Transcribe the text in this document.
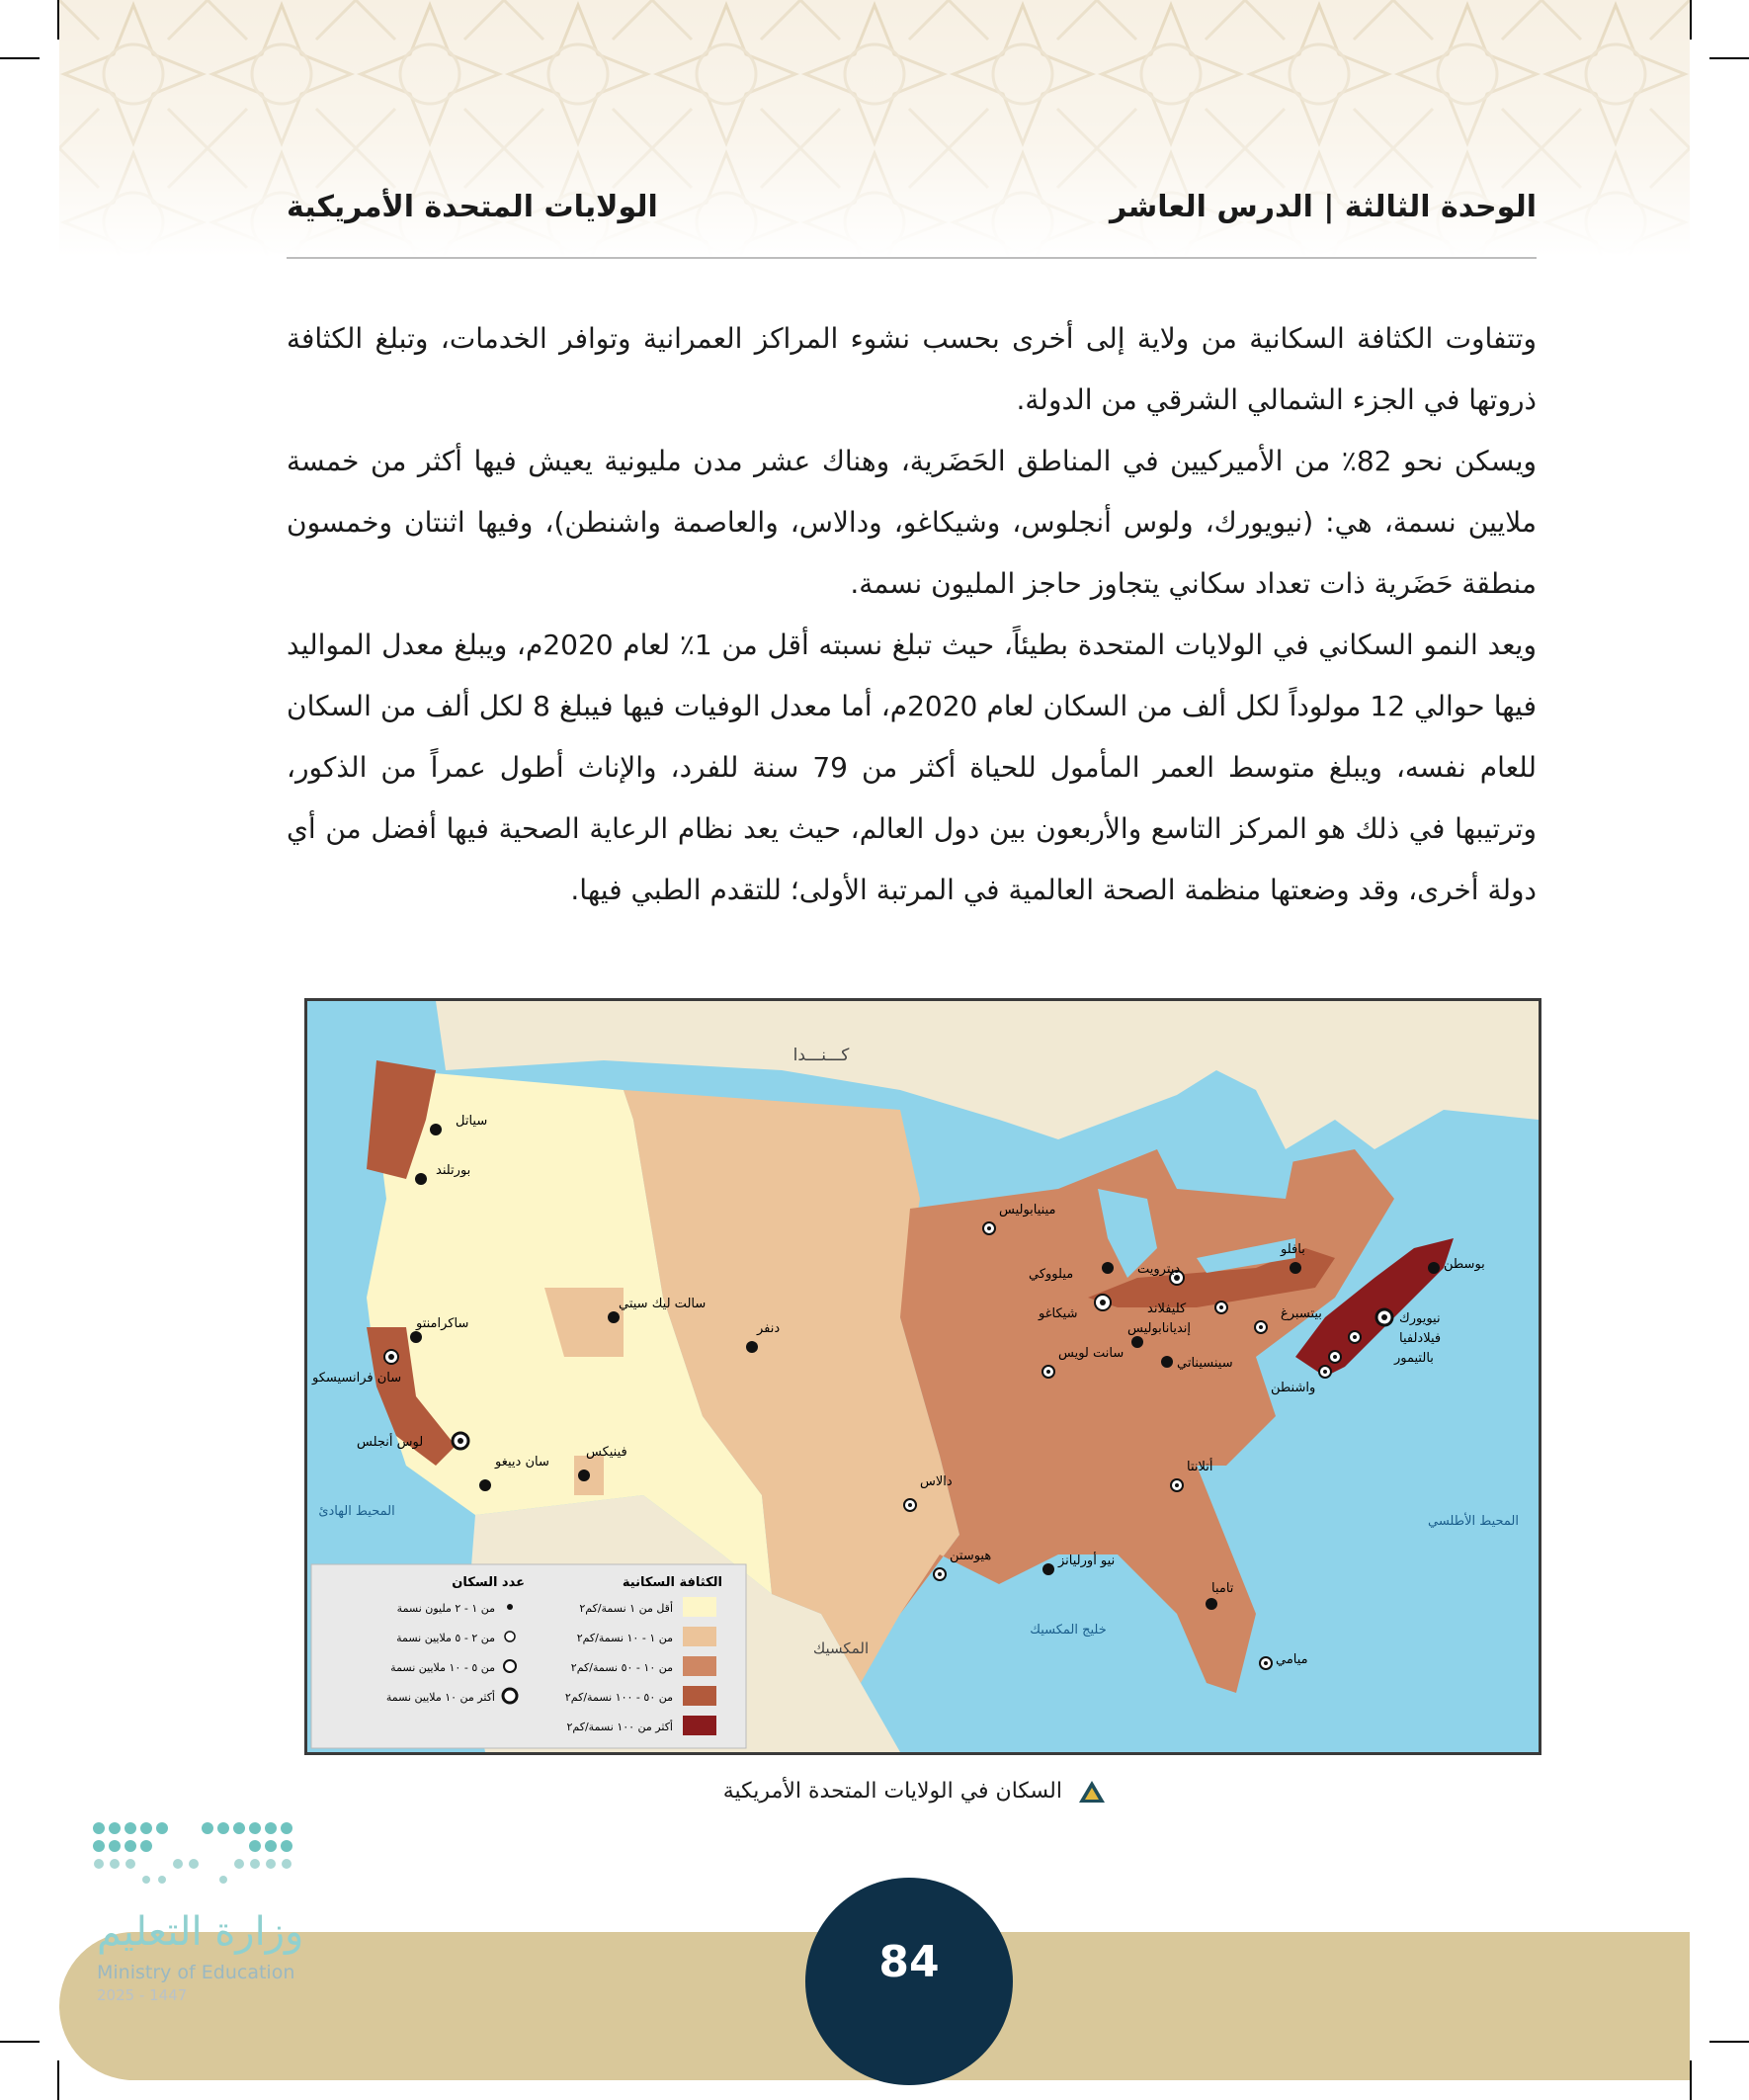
الوحدة الثالثة | الدرس العاشر
الولايات المتحدة الأمريكية

وتتفاوت الكثافة السكانية من ولاية إلى أخرى بحسب نشوء المراكز العمرانية وتوافر الخدمات، وتبلغ الكثافة ذروتها في الجزء الشمالي الشرقي من الدولة.

ويسكن نحو 82٪ من الأميركيين في المناطق الحَضَرية، وهناك عشر مدن مليونية يعيش فيها أكثر من خمسة ملايين نسمة، هي: (نيويورك، ولوس أنجلوس، وشيكاغو، ودالاس، والعاصمة واشنطن)، وفيها اثنتان وخمسون منطقة حَضَرية ذات تعداد سكاني يتجاوز حاجز المليون نسمة.

ويعد النمو السكاني في الولايات المتحدة بطيئاً، حيث تبلغ نسبته أقل من 1٪ لعام 2020م، ويبلغ معدل المواليد فيها حوالي 12 مولوداً لكل ألف من السكان لعام 2020م، أما معدل الوفيات فيها فيبلغ 8 لكل ألف من السكان للعام نفسه، ويبلغ متوسط العمر المأمول للحياة أكثر من 79 سنة للفرد، والإناث أطول عمراً من الذكور، وترتيبها في ذلك هو المركز التاسع والأربعون بين دول العالم، حيث يعد نظام الرعاية الصحية فيها أفضل من أي دولة أخرى، وقد وضعتها منظمة الصحة العالمية في المرتبة الأولى؛ للتقدم الطبي فيها.

كـــنـــدا
المكسيك
المحيط الهادئ
المحيط الأطلسي
خليج المكسيك
سياتل
بورتلند
ساكرامنتو
سان فرانسيسكو
لوس أنجلس
سان دييغو
فينيكس
سالت ليك سيتي
دنفر
مينيابوليس
ميلووكي
شيكاغو
ديترويت
كليفلاند
بافلو
بوسطن
نيويورك
فيلادلفيا
بالتيمور
واشنطن
بيتسبرغ
إنديانابوليس
سينسيناتي
سانت لويس
أتلانتا
دالاس
هيوستن	نيو أورليانز
تامبا
ميامي
الكثافة السكانية
عدد السكان
أقل من ١ نسمة/كم٢
من ١ - ١٠ نسمة/كم٢
من ١٠ - ٥٠ نسمة/كم٢
من ٥٠ - ١٠٠ نسمة/كم٢
أكثر من ١٠٠ نسمة/كم٢
من ١ - ٢ مليون نسمة
من ٢ - ٥ ملايين نسمة
من ٥ - ١٠ ملايين نسمة
أكثر من ١٠ ملايين نسمة
السكان في الولايات المتحدة الأمريكية
84
وزارة التعليم
Ministry of Education
2025 - 1447
